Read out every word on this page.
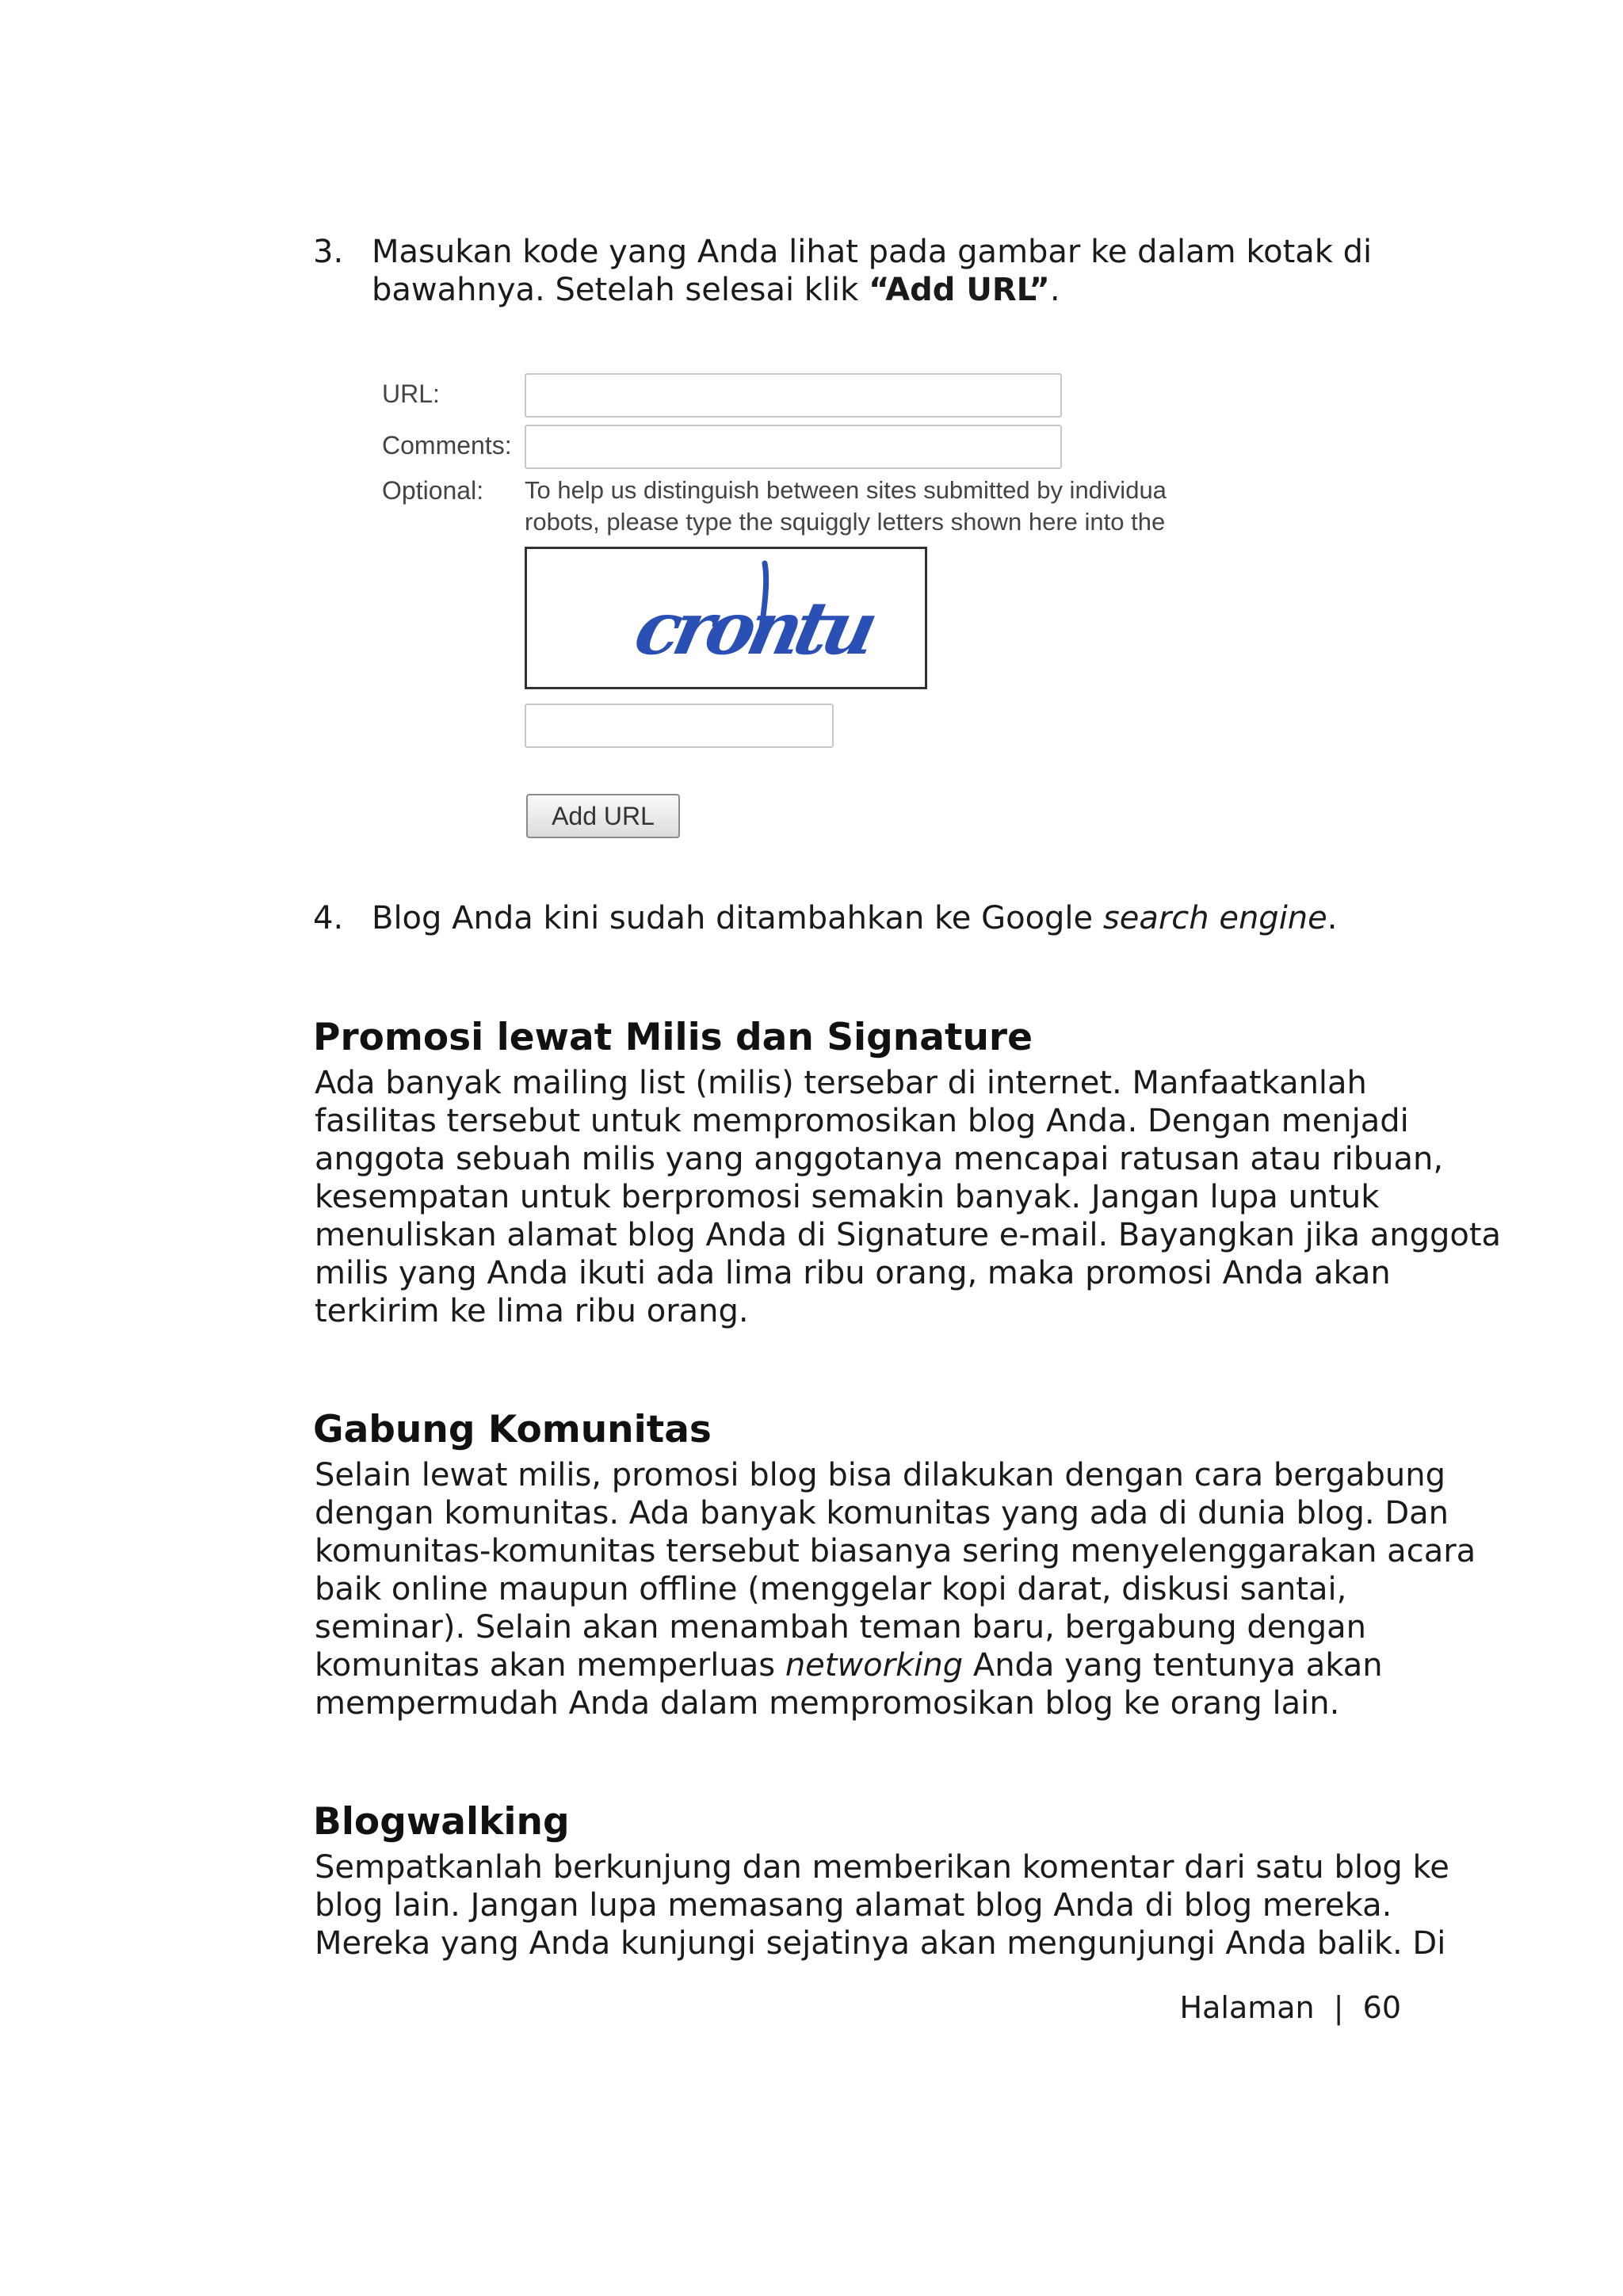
3. Masukan kode yang Anda lihat pada gambar ke dalam kotak di
bawahnya. Setelah selesai klik “Add URL”.
URL:
Comments:
Optional: To help us distinguish between sites submitted by individua
robots, please type the squiggly letters shown here into the
crontu
Add URL
4. Blog Anda kini sudah ditambahkan ke Google search engine.
Promosi lewat Milis dan Signature

Ada banyak mailing list (milis) tersebar di internet. Manfaatkanlah
fasilitas tersebut untuk mempromosikan blog Anda. Dengan menjadi
anggota sebuah milis yang anggotanya mencapai ratusan atau ribuan,
kesempatan untuk berpromosi semakin banyak. Jangan lupa untuk
menuliskan alamat blog Anda di Signature e-mail. Bayangkan jika anggota
milis yang Anda ikuti ada lima ribu orang, maka promosi Anda akan
terkirim ke lima ribu orang.

Gabung Komunitas

Selain lewat milis, promosi blog bisa dilakukan dengan cara bergabung
dengan komunitas. Ada banyak komunitas yang ada di dunia blog. Dan
komunitas-komunitas tersebut biasanya sering menyelenggarakan acara
baik online maupun offline (menggelar kopi darat, diskusi santai,
seminar). Selain akan menambah teman baru, bergabung dengan
komunitas akan memperluas networking Anda yang tentunya akan
mempermudah Anda dalam mempromosikan blog ke orang lain.

Blogwalking

Sempatkanlah berkunjung dan memberikan komentar dari satu blog ke
blog lain. Jangan lupa memasang alamat blog Anda di blog mereka.
Mereka yang Anda kunjungi sejatinya akan mengunjungi Anda balik. Di

Halaman | 60
